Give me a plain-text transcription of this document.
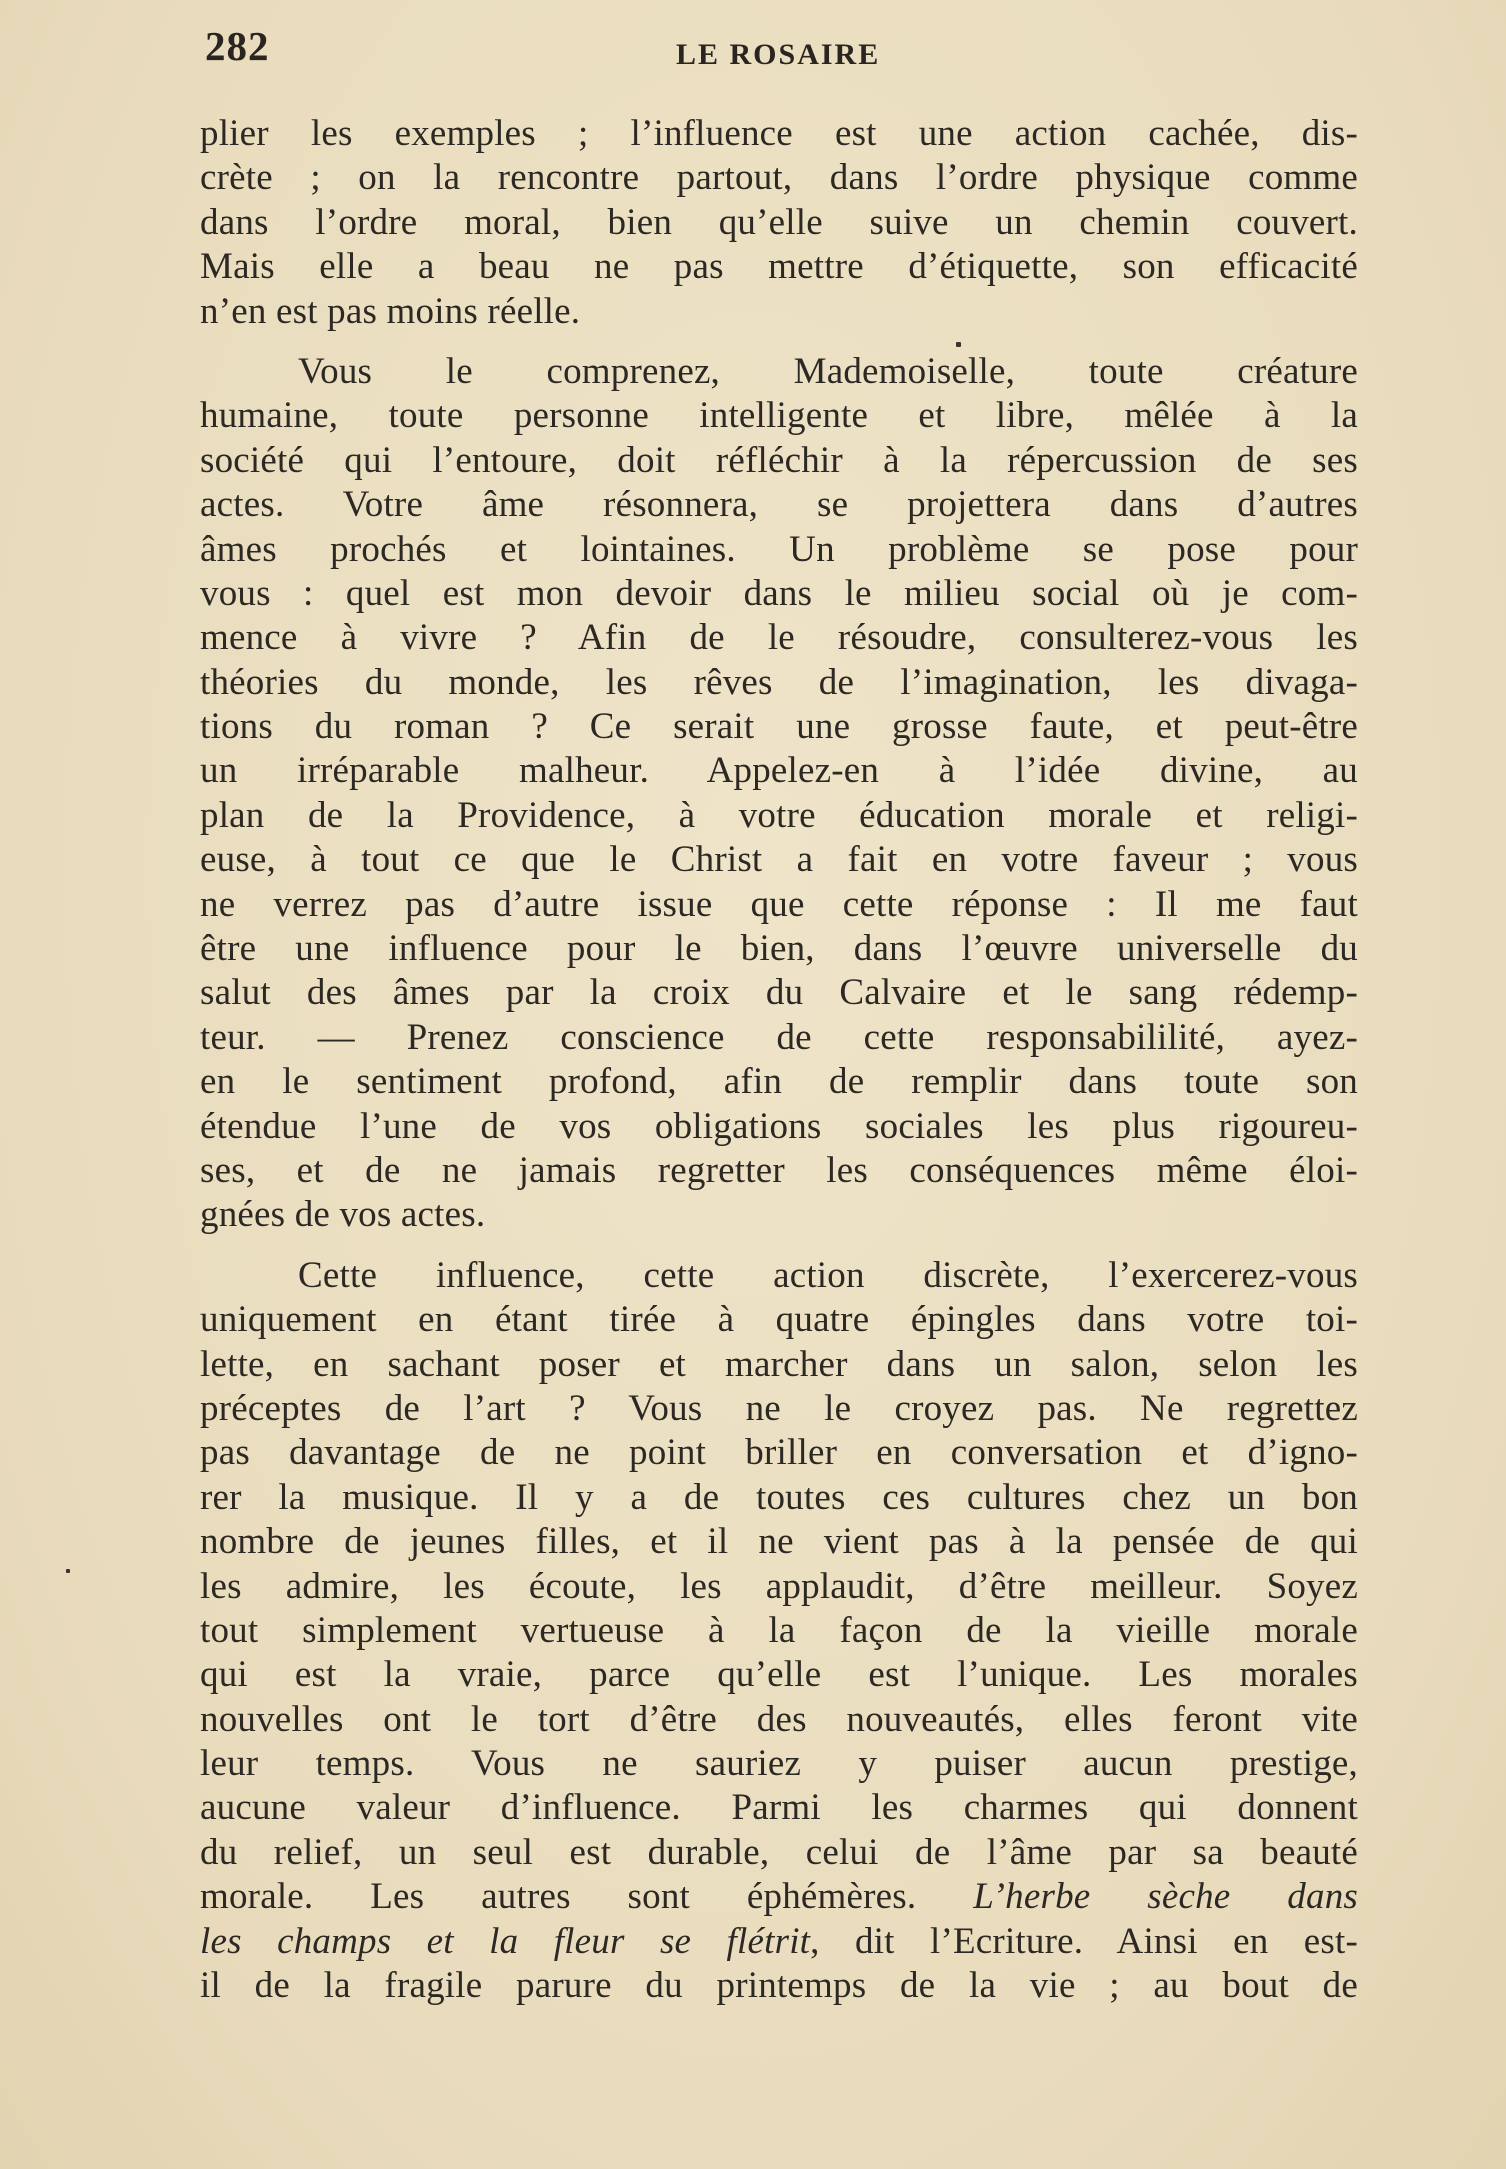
282	LE ROSAIRE
plier les exemples ; l’influence est une action cachée, dis-
crète ; on la rencontre partout, dans l’ordre physique comme
dans l’ordre moral, bien qu’elle suive un chemin couvert.
Mais elle a beau ne pas mettre d’étiquette, son efficacité
n’en est pas moins réelle.
Vous le comprenez, Mademoiselle, toute créature
humaine, toute personne intelligente et libre, mêlée à la
société qui l’entoure, doit réfléchir à la répercussion de ses
actes. Votre âme résonnera, se projettera dans d’autres
âmes prochés et lointaines. Un problème se pose pour
vous : quel est mon devoir dans le milieu social où je com-
mence à vivre ? Afin de le résoudre, consulterez-vous les
théories du monde, les rêves de l’imagination, les divaga-
tions du roman ? Ce serait une grosse faute, et peut-être
un irréparable malheur. Appelez-en à l’idée divine, au
plan de la Providence, à votre éducation morale et religi-
euse, à tout ce que le Christ a fait en votre faveur ; vous
ne verrez pas d’autre issue que cette réponse : Il me faut
être une influence pour le bien, dans l’œuvre universelle du
salut des âmes par la croix du Calvaire et le sang rédemp-
teur. — Prenez conscience de cette responsabililité, ayez-
en le sentiment profond, afin de remplir dans toute son
étendue l’une de vos obligations sociales les plus rigoureu-
ses, et de ne jamais regretter les conséquences même éloi-
gnées de vos actes.
Cette influence, cette action discrète, l’exercerez-vous
uniquement en étant tirée à quatre épingles dans votre toi-
lette, en sachant poser et marcher dans un salon, selon les
préceptes de l’art ? Vous ne le croyez pas. Ne regrettez
pas davantage de ne point briller en conversation et d’igno-
rer la musique. Il y a de toutes ces cultures chez un bon
nombre de jeunes filles, et il ne vient pas à la pensée de qui
les admire, les écoute, les applaudit, d’être meilleur. Soyez
tout simplement vertueuse à la façon de la vieille morale
qui est la vraie, parce qu’elle est l’unique. Les morales
nouvelles ont le tort d’être des nouveautés, elles feront vite
leur temps. Vous ne sauriez y puiser aucun prestige,
aucune valeur d’influence. Parmi les charmes qui donnent
du relief, un seul est durable, celui de l’âme par sa beauté
morale. Les autres sont éphémères. L’herbe sèche dans
les champs et la fleur se flétrit, dit l’Ecriture. Ainsi en est-
il de la fragile parure du printemps de la vie ; au bout de
